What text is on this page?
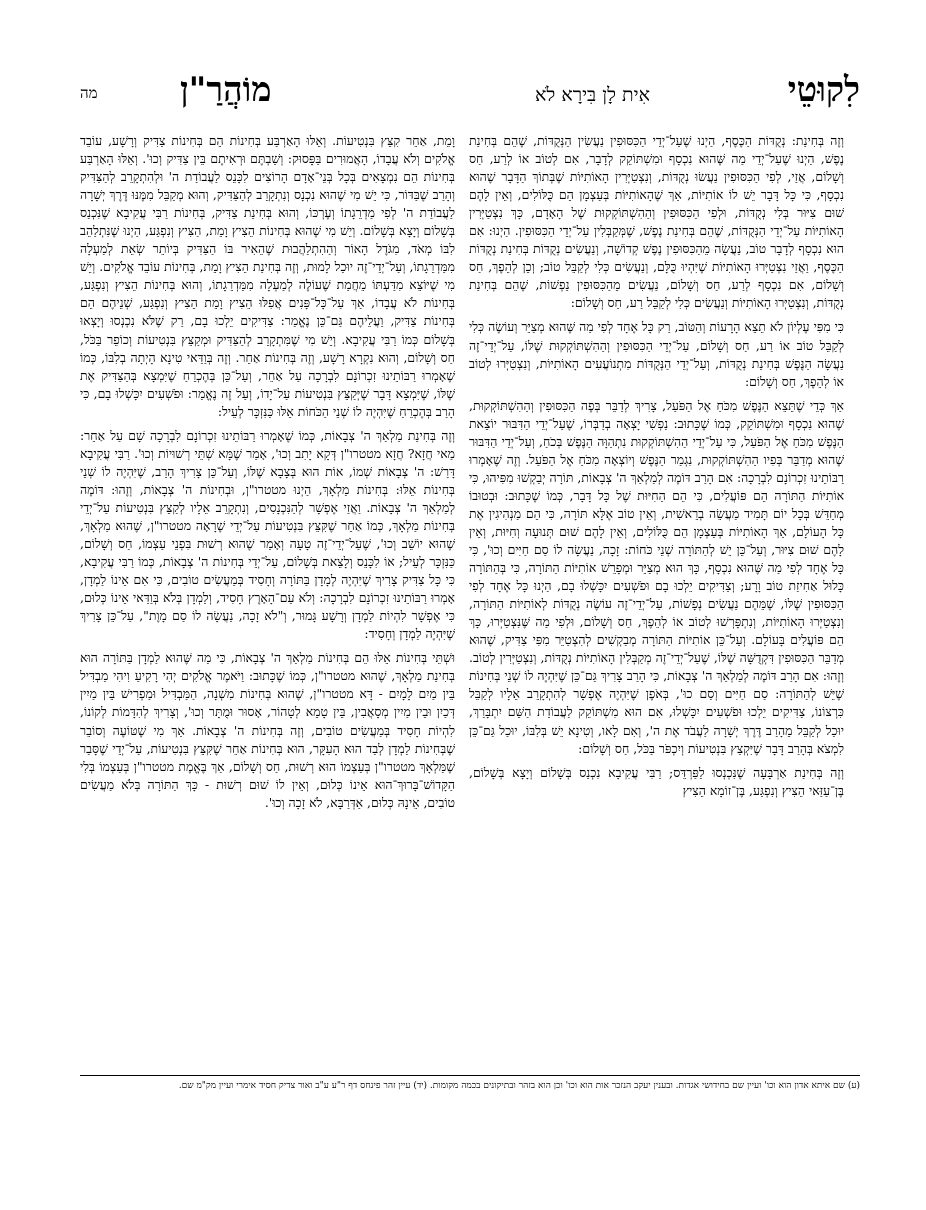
לִקוּטֵי
אִית לָן בִּירָא לֹא
מוֹהֲרַ"ן
מה

וְזֶה בְּחִינַת: נְקֻדּוֹת הַכֶּסֶף, הַיְנוּ שֶׁעַל־יְדֵי הַכִּסּוּפִין נַעֲשִׂין הַנְּקֻדּוֹת, שֶׁהֵם בְּחִינַת נֶפֶשׁ, הַיְנוּ שֶׁעַל־יְדֵי מַה שֶּׁהוּא נִכְסָף וּמִשְׁתּוֹקֵק לְדָבָר, אִם לְטוֹב אוֹ לְרַע, חַס וְשָׁלוֹם, אֲזַי, לְפִי הַכִּסּוּפִין נַעֲשׂוּ נְקֻדּוֹת, וְנִצְטַיְּרִין הָאוֹתִיּוֹת שֶׁבְּתוֹךְ הַדָּבָר שֶׁהוּא נִכְסָף, כִּי כָּל דָּבָר יֵשׁ לוֹ אוֹתִיּוֹת, אַךְ שֶׁהָאוֹתִיּוֹת בְּעַצְמָן הֵם כֻּלּוֹלִים, וְאֵין לָהֶם שׁוּם צִיּוּר בְּלִי נְקֻדּוֹת, וּלְפִי הַכִּסּוּפִין וְהַהִשְׁתּוֹקְקוּת שֶׁל הָאָדָם, כָּךְ נִצְטַיְּרִין הָאוֹתִיּוֹת עַל־יְדֵי הַנְּקֻדּוֹת, שֶׁהֵם בְּחִינַת נֶפֶשׁ, שֶׁמְּקַבְּלִין עַל־יְדֵי הַכִּסּוּפִין. הַיְנוּ: אִם הוּא נִכְסָף לְדָבָר טוֹב, נַעֲשָׂה מֵהַכִּסּוּפִין נֶפֶשׁ קְדוֹשָׁה, וְנַעֲשִׂים נְקֻדּוֹת בְּחִינַת נְקֻדּוֹת הַכֶּסֶף, וַאֲזַי נִצְטַיְּרוּ הָאוֹתִיּוֹת שֶׁיִּהְיוּ כֻּלָּם, וְנַעֲשִׂים כְּלִי לְקַבֵּל טוֹב; וְכֵן לְהֵפֶךְ, חַס וְשָׁלוֹם, אִם נִכְסָף לְרַע, חַס וְשָׁלוֹם, נַעֲשִׂים מֵהַכִּסּוּפִין נַפְשׁוֹת, שֶׁהֵם בְּחִינַת נְקֻדּוֹת, וְנִצְטַיְּרוּ הָאוֹתִיּוֹת וְנַעֲשִׂים כְּלִי לְקַבֵּל רַע, חַס וְשָׁלוֹם:

כִּי מִפִּי עֶלְיוֹן לֹא תֵצֵא הָרָעוֹת וְהַטּוֹב, רַק כָּל אֶחָד לְפִי מַה שֶּׁהוּא מְצַיֵּר וְעוֹשֶׂה כְּלִי לְקַבֵּל טוֹב אוֹ רַע, חַס וְשָׁלוֹם, עַל־יְדֵי הַכִּסּוּפִין וְהַהִשְׁתּוֹקְקוּת שֶׁלּוֹ, עַל־יְדֵי־זֶה נַעֲשָׂה הַנֶּפֶשׁ בְּחִינַת נְקֻדּוֹת, וְעַל־יְדֵי הַנְּקֻדּוֹת מִתְנוֹעֲעִים הָאוֹתִיּוֹת, וְנִצְטַיְּרוּ לְטוֹב אוֹ לְהֵפֶךְ, חַס וְשָׁלוֹם:

אַךְ כְּדֵי שֶׁתֵּצֵא הַנֶּפֶשׁ מִכֹּחַ אֶל הַפֹּעַל, צָרִיךְ לְדַבֵּר בְּפֶה הַכִּסּוּפִין וְהַהִשְׁתּוֹקְקוּת, שֶׁהוּא נִכְסָף וּמִשְׁתּוֹקֵק, כְּמוֹ שֶׁכָּתוּב: נַפְשִׁי יָצְאָה בְדַבְּרוֹ, שֶׁעַל־יְדֵי הַדִּבּוּר יוֹצֵאת הַנֶּפֶשׁ מִכֹּחַ אֶל הַפֹּעַל, כִּי עַל־יְדֵי הַהִשְׁתּוֹקְקוּת נִתְהַוָּה הַנֶּפֶשׁ בְּכֹחַ, וְעַל־יְדֵי הַדִּבּוּר שֶׁהוּא מְדַבֵּר בְּפִיו הַהִשְׁתּוֹקְקוּת, נִגְמַר הַנֶּפֶשׁ וְיוֹצְאָה מִכֹּחַ אֶל הַפֹּעַל. וְזֶה שֶׁאָמְרוּ רַבּוֹתֵינוּ זִכְרוֹנָם לִבְרָכָה: אִם הָרַב דּוֹמֶה לְמַלְאַךְ ה' צְבָאוֹת, תּוֹרָה יְבַקְשׁוּ מִפִּיהוּ, כִּי אוֹתִיּוֹת הַתּוֹרָה הֵם פּוֹעֲלִים, כִּי הֵם הַחִיּוּת שֶׁל כָּל דָּבָר, כְּמוֹ שֶׁכָּתוּב: וּבְטוּבוֹ מְחַדֵּשׁ בְּכָל יוֹם תָּמִיד מַעֲשֵׂה בְרֵאשִׁית, וְאֵין טוֹב אֶלָּא תּוֹרָה, כִּי הֵם מַנְהִיגִין אֶת כָּל הָעוֹלָם, אַךְ הָאוֹתִיּוֹת בְּעַצְמָן הֵם כֻּלּוֹלִים, וְאֵין לָהֶם שׁוּם תְּנוּעָה וְחִיּוּת, וְאֵין לָהֶם שׁוּם צִיּוּר, וְעַל־כֵּן יֵשׁ לְהַתּוֹרָה שְׁנֵי כֹּחוֹת: זָכָה, נַעֲשָׂה לוֹ סַם חַיִּים וְכוּ', כִּי כָּל אֶחָד לְפִי מַה שֶּׁהוּא נִכְסָף, כָּךְ הוּא מְצַיֵּר וּמְפָרֵשׁ אוֹתִיּוֹת הַתּוֹרָה, כִּי בְּהַתּוֹרָה כָּלוּל אַחִיזַת טוֹב וָרָע; וְצַדִּיקִים יֵלְכוּ בָם וּפֹשְׁעִים יִכָּשְׁלוּ בָם, הַיְנוּ כָּל אֶחָד לְפִי הַכִּסּוּפִין שֶׁלּוֹ, שֶׁמֵּהֶם נַעֲשִׂים נְפָשׁוֹת, עַל־יְדֵי־זֶה עוֹשֶׂה נְקֻדּוֹת לְאוֹתִיּוֹת הַתּוֹרָה, וְנִצְטַיְּרוּ הָאוֹתִיּוֹת, וְנִתְפָּרְשׁוּ לְטוֹב אוֹ לְהֵפֶךְ, חַס וְשָׁלוֹם, וּלְפִי מַה שֶּׁנִּצְטַיְּרוּ, כָּךְ הֵם פּוֹעֲלִים בָּעוֹלָם. וְעַל־כֵּן אוֹתִיּוֹת הַתּוֹרָה מְבַקְשִׁים לְהִצְטַיֵּר מִפִּי צַדִּיק, שֶׁהוּא מְדַבֵּר הַכִּסּוּפִין דִּקְדֻשָּׁה שֶׁלּוֹ, שֶׁעַל־יְדֵי־זֶה מְקַבְּלִין הָאוֹתִיּוֹת נְקֻדּוֹת, וְנִצְטַיְּרִין לְטוֹב. וְזֶהוּ: אִם הָרַב דּוֹמֶה לְמַלְאַךְ ה' צְבָאוֹת, כִּי הָרַב צָרִיךְ גַּם־כֵּן שֶׁיִּהְיֶה לוֹ שְׁנֵי בְּחִינוֹת שֶׁיֵּשׁ לְהַתּוֹרָה: סַם חַיִּים וְסַם כוּ', בְּאֹפֶן שֶׁיִּהְיֶה אֶפְשָׁר לְהִתְקָרֵב אֵלָיו לְקַבֵּל כִּרְצוֹנוֹ, צַדִּיקִים יֵלְכוּ וּפֹשְׁעִים יִכָּשְׁלוּ, אִם הוּא מִשְׁתּוֹקֵק לַעֲבוֹדַת הַשֵּׁם יִתְבָּרַךְ, יוּכַל לְקַבֵּל מֵהָרַב דֶּרֶךְ יְשָׁרָה לַעֲבֹד אֶת ה', וְאִם לָאו, וְטִינָא יֵשׁ בְּלִבּוֹ, יוּכַל גַּם־כֵּן לִמְצֹא בְּהָרַב דָּבָר שֶׁיִּקְצַץ בִּנְטִיעוֹת וְיִכְפֹּר בַּכֹּל, חַס וְשָׁלוֹם:

וְזֶה בְּחִינַת אַרְבָּעָה שֶׁנִּכְנְסוּ לַפַּרְדֵּס; רַבִּי עֲקִיבָא נִכְנַס בְּשָׁלוֹם וְיָצָא בְּשָׁלוֹם, בֶּן־עַזַּאי הֵצִיץ וְנִפְגַּע, בֶּן־זוֹמָא הֵצִיץ

וָמֵת, אַחֵר קִצֵּץ בִּנְטִיעוֹת. וְאֵלּוּ הָאַרְבַּע בְּחִינוֹת הֵם בְּחִינוֹת צַדִּיק וְרָשָׁע, עוֹבֵד אֱלֹקִים וְלֹא עֲבָדוֹ, הָאֲמוּרִים בַּפָּסוּק: וְשַׁבְתֶּם וּרְאִיתֶם בֵּין צַדִּיק וְכוּ'. וְאֵלּוּ הָאַרְבַּע בְּחִינוֹת הֵם נִמְצָאִים בְּכָל בְּנֵי־אָדָם הָרוֹצִים לִכָּנֵס לַעֲבוֹדַת ה' וּלְהִתְקָרֵב לְהַצַּדִּיק וְהָרַב שֶׁבַּדּוֹר, כִּי יֵשׁ מִי שֶׁהוּא נִכְנָס וְנִתְקָרֵב לְהַצַּדִּיק, וְהוּא מְקַבֵּל מִמֶּנּוּ דֶּרֶךְ יְשָׁרָה לַעֲבוֹדַת ה' לְפִי מַדְרֵגָתוֹ וְעֶרְכּוֹ, וְהוּא בְּחִינַת צַדִּיק, בְּחִינוֹת רַבִּי עֲקִיבָא שֶׁנִּכְנַס בְּשָׁלוֹם וְיָצָא בְּשָׁלוֹם. וְיֵשׁ מִי שֶׁהוּא בְּחִינוֹת הֵצִיץ וָמֵת, הַצִּיץ וְנִפְגַּע, הַיְנוּ שֶׁנִּתְלַהֵב לִבּוֹ מְאֹד, מִגֹּדֶל הָאוֹר וְהַהִתְלַהֲבוּת שֶׁהֵאִיר בּוֹ הַצַּדִּיק בְּיוֹתֵר שְׂאֵת לְמַעְלָה מִמַּדְרֵגָתוֹ, וְעַל־יְדֵי־זֶה יוּכַל לָמוּת, וְזֶה בְּחִינַת הֵצִיץ וָמֵת, בְּחִינוֹת עוֹבֵד אֱלֹקִים. וְיֵשׁ מִי שֶׁיּוֹצֵא מִדַּעְתּוֹ מֵחֲמַת שֶׁעוֹלֶה לְמַעְלָה מִמַּדְרֵגָתוֹ, וְהוּא בְּחִינוֹת הֵצִיץ וְנִפְגַּע, בְּחִינוֹת לֹא עֲבָדוֹ, אַךְ עַל־כָּל־פָּנִים אֲפִלּוּ הֵצִיץ וָמֵת הֵצִיץ וְנִפְגַּע, שְׁנֵיהֶם הֵם בְּחִינוֹת צַדִּיק, וַעֲלֵיהֶם גַּם־כֵּן נֶאֱמַר: צַדִּיקִים יֵלְכוּ בָם, רַק שֶׁלֹּא נִכְנְסוּ וְיָצְאוּ בְּשָׁלוֹם כְּמוֹ רַבִּי עֲקִיבָא. וְיֵשׁ מִי שֶׁמִּתְקָרֵב לְהַצַּדִּיק וּמְקַצֵּץ בִּנְטִיעוֹת וְכוֹפֵר בַּכֹּל, חַס וְשָׁלוֹם, וְהוּא נִקְרָא רָשָׁע, וְזֶה בְּחִינוֹת אַחֵר. וְזֶה בְּוַדַּאי טִינָא הָיְתָה בְלִבּוֹ, כְּמוֹ שֶׁאָמְרוּ רַבּוֹתֵינוּ זִכְרוֹנָם לִבְרָכָה עַל אַחֵר, וְעַל־כֵּן בְּהֶכְרֵחַ שֶׁיִּמְצָא בְּהַצַּדִּיק אֶת שֶׁלּוֹ, שֶׁיִּמְצָא דָּבָר שֶׁיְּקַצֵּץ בִּנְטִיעוֹת עַל־יָדוֹ, וְעַל זֶה נֶאֱמַר: וּפֹשְׁעִים יִכָּשְׁלוּ בָם, כִּי הָרַב בְּהֶכְרֵחַ שֶׁיִּהְיֶה לוֹ שְׁנֵי הַכֹּחוֹת אֵלּוּ כַּנִּזְכָּר לְעֵיל:

וְזֶה בְּחִינַת מַלְאַךְ ה' צְבָאוֹת, כְּמוֹ שֶׁאָמְרוּ רַבּוֹתֵינוּ זִכְרוֹנָם לִבְרָכָה שָׁם עַל אַחֵר: מַאי חֲזָא? חֲזָא מטטרו"ן דְּקָא יָתִב וְכוּ', אָמַר שֶׁמָּא שְׁתֵּי רְשׁוּיוֹת וְכוּ'. רַבִּי עֲקִיבָא דָּרַשׁ: ה' צְבָאוֹת שְׁמוֹ, אוֹת הוּא בְּצָבָא שֶׁלּוֹ, וְעַל־כֵּן צָרִיךְ הָרַב, שֶׁיִּהְיֶה לוֹ שְׁנֵי בְּחִינוֹת אֵלּוּ: בְּחִינוֹת מַלְאָךְ, הַיְנוּ מטטרו"ן, וּבְחִינוֹת ה' צְבָאוֹת, וְזֶהוּ: דּוֹמֶה לְמַלְאַךְ ה' צְבָאוֹת. וַאֲזַי אֶפְשָׁר לְהַנִּכְנָסִים, וְנִתְקָרֵב אֵלָיו לְקַצֵּץ בִּנְטִיעוֹת עַל־יְדֵי בְּחִינוֹת מַלְאָךְ, כְּמוֹ אַחֵר שֶׁקִּצֵּץ בִּנְטִיעוֹת עַל־יְדֵי שֶׁרָאָה מטטרו"ן, שֶׁהוּא מַלְאָךְ, שֶׁהוּא יוֹשֵׁב וְכוּ', שֶׁעַל־יְדֵי־זֶה טָעָה וְאָמַר שֶׁהוּא רְשׁוּת בִּפְנֵי עַצְמוֹ, חַס וְשָׁלוֹם, כַּנִּזְכָּר לְעֵיל; אוֹ לִכָּנֵס וְלָצֵאת בְּשָׁלוֹם, עַל־יְדֵי בְּחִינוֹת ה' צְבָאוֹת, כְּמוֹ רַבִּי עֲקִיבָא, כִּי כָּל צַדִּיק צָרִיךְ שֶׁיִּהְיֶה לְמָדָן בַּתּוֹרָה וְחָסִיד בְּמַעֲשִׂים טוֹבִים, כִּי אִם אֵינוֹ לַמְדָן, אָמְרוּ רַבּוֹתֵינוּ זִכְרוֹנָם לִבְרָכָה: וְלֹא עַם־הָאָרֶץ חָסִיד, וְלַמְדָן בְּלֹא בְּוַדַּאי אֵינוֹ כְּלוּם, כִּי אֶפְשָׁר לִהְיוֹת לַמְדָן וְרָשָׁע גָּמוּר, וְ"לֹא זָכָה, נַעֲשָׂה לוֹ סַם מָוֶת", עַל־כֵּן צָרִיךְ שֶׁיִּהְיֶה לַמְדָן וְחָסִיד:

וּשְׁתֵּי בְּחִינוֹת אֵלּוּ הֵם בְּחִינוֹת מַלְאַךְ ה' צְבָאוֹת, כִּי מַה שֶּׁהוּא לַמְדָן בַּתּוֹרָה הוּא בְּחִינַת מַלְאָךְ, שֶׁהוּא מטטרו"ן, כְּמוֹ שֶׁכָּתוּב: וַיֹּאמֶר אֱלֹקִים יְהִי רָקִיעַ וִיהִי מַבְדִּיל בֵּין מַיִם לָמָיִם - דָּא מטטרו"ן, שֶׁהוּא בְּחִינוֹת מִשְׁנָה, הַמַּבְדִּיל וּמַפְרִישׁ בֵּין מַיִין דְּכַיִן וּבֵין מַיִין מְסָאֲבִין, בֵּין טָמֵא לְטָהוֹר, אָסוּר וּמֻתָּר וְכוּ', וְצָרִיךְ לְהִדָּמוֹת לְקוֹנוֹ, לִהְיוֹת חָסִיד בְּמַעֲשִׂים טוֹבִים, וְזֶה בְּחִינוֹת ה' צְבָאוֹת. אַךְ מִי שֶׁטּוֹעֶה וְסוֹבֵר שֶׁבְּחִינוֹת לַמְדָן לְבַד הוּא הָעִקָּר, הוּא בְּחִינוֹת אַחֵר שֶׁקִּצֵּץ בִּנְטִיעוֹת, עַל־יְדֵי שֶׁסָּבַר שֶׁמַּלְאָךְ מטטרו"ן בְּעַצְמוֹ הוּא רְשׁוּת, חַס וְשָׁלוֹם, אַךְ בֶּאֱמֶת מטטרו"ן בְּעַצְמוֹ בְּלִי הַקָּדוֹשׁ־בָּרוּךְ־הוּא אֵינוֹ כְּלוּם, וְאֵין לוֹ שׁוּם רְשׁוּת - כָּךְ הַתּוֹרָה בְּלֹא מַעֲשִׂים טוֹבִים, אֵינָהּ כְּלוּם, אַדְּרַבָּא, לֹא זָכָה וְכוּ'.

(ע) שם איתא אדון הוא וכו' ועיין שם בחידושי אגדות. ובענין יעקב הנזכר אות הוא וכו' וכן הוא בזהר ובתיקונים בכמה מקומות. (יד) עיין זהר פינחס דף ר"ע ע"ב ואור צדיק חסיד אימרי ועיין מק"מ שם.
